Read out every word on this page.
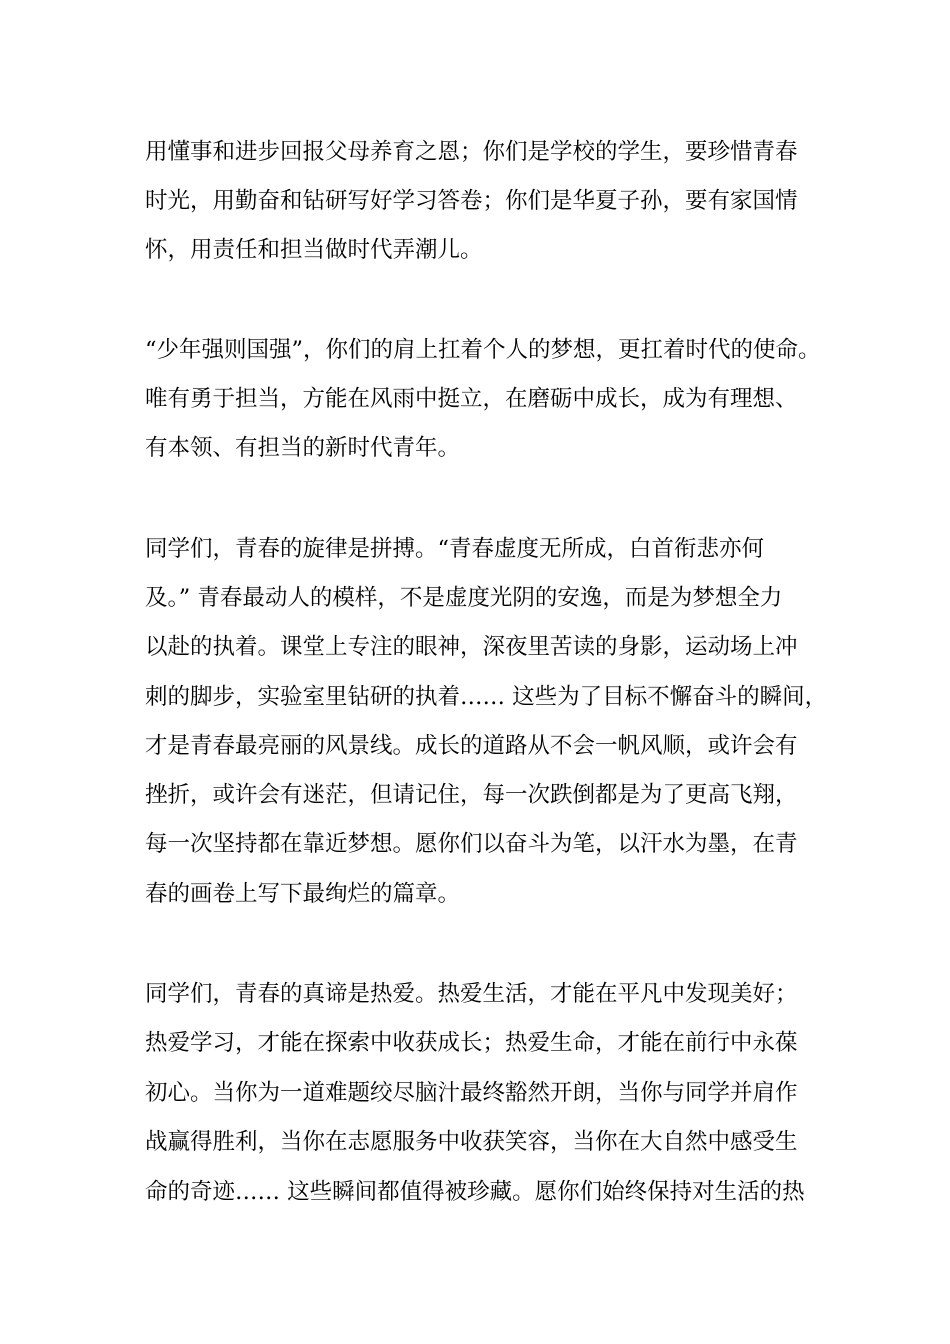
用懂事和进步回报父母养育之恩；你们是学校的学生，要珍惜青春
时光，用勤奋和钻研写好学习答卷；你们是华夏子孙，要有家国情
怀，用责任和担当做时代弄潮儿。
“少年强则国强”，你们的肩上扛着个人的梦想，更扛着时代的使命。
唯有勇于担当，方能在风雨中挺立，在磨砺中成长，成为有理想、
有本领、有担当的新时代青年。
同学们，青春的旋律是拼搏。“青春虚度无所成，白首衔悲亦何
及。” 青春最动人的模样，不是虚度光阴的安逸，而是为梦想全力
以赴的执着。课堂上专注的眼神，深夜里苦读的身影，运动场上冲
刺的脚步，实验室里钻研的执着…… 这些为了目标不懈奋斗的瞬间，
才是青春最亮丽的风景线。成长的道路从不会一帆风顺，或许会有
挫折，或许会有迷茫，但请记住，每一次跌倒都是为了更高飞翔，
每一次坚持都在靠近梦想。愿你们以奋斗为笔，以汗水为墨，在青
春的画卷上写下最绚烂的篇章。
同学们，青春的真谛是热爱。热爱生活，才能在平凡中发现美好；
热爱学习，才能在探索中收获成长；热爱生命，才能在前行中永葆
初心。当你为一道难题绞尽脑汁最终豁然开朗，当你与同学并肩作
战赢得胜利，当你在志愿服务中收获笑容，当你在大自然中感受生
命的奇迹…… 这些瞬间都值得被珍藏。愿你们始终保持对生活的热
